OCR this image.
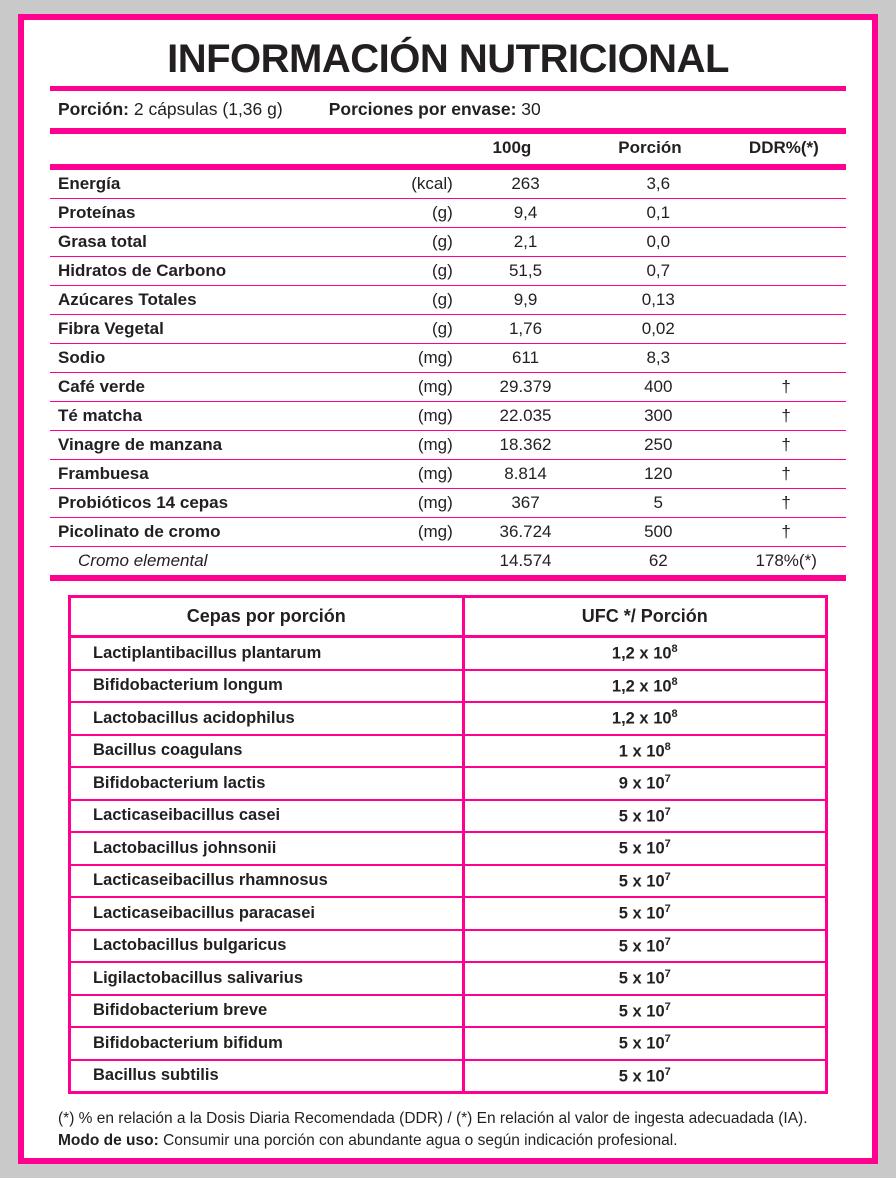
INFORMACIÓN NUTRICIONAL
Porción: 2 cápsulas (1,36 g)	Porciones por envase: 30
		100g	Porción	DDR%(*)
Energía	(kcal)	263	3,6	
Proteínas	(g)	9,4	0,1	
Grasa total	(g)	2,1	0,0	
Hidratos de Carbono	(g)	51,5	0,7	
Azúcares Totales	(g)	9,9	0,13	
Fibra Vegetal	(g)	1,76	0,02	
Sodio	(mg)	611	8,3	
Café verde	(mg)	29.379	400	†
Té matcha	(mg)	22.035	300	†
Vinagre de manzana	(mg)	18.362	250	†
Frambuesa	(mg)	8.814	120	†
Probióticos 14 cepas	(mg)	367	5	†
Picolinato de cromo	(mg)	36.724	500	†
Cromo elemental		14.574	62	178%(*)
Cepas por porción	UFC */ Porción
Lactiplantibacillus plantarum	1,2 x $10^8$
Bifidobacterium longum	1,2 x $10^8$
Lactobacillus acidophilus	1,2 x $10^8$
Bacillus coagulans	1 x $10^8$
Bifidobacterium lactis	9 x $10^7$
Lacticaseibacillus casei	5 x $10^7$
Lactobacillus johnsonii	5 x $10^7$
Lacticaseibacillus rhamnosus	5 x $10^7$
Lacticaseibacillus paracasei	5 x $10^7$
Lactobacillus bulgaricus	5 x $10^7$
Ligilactobacillus salivarius	5 x $10^7$
Bifidobacterium breve	5 x $10^7$
Bifidobacterium bifidum	5 x $10^7$
Bacillus subtilis	5 x $10^7$
(*) % en relación a la Dosis Diaria Recomendada (DDR) / (*) En relación al valor de ingesta adecuadada (IA).
Modo de uso: Consumir una porción con abundante agua o según indicación profesional.
